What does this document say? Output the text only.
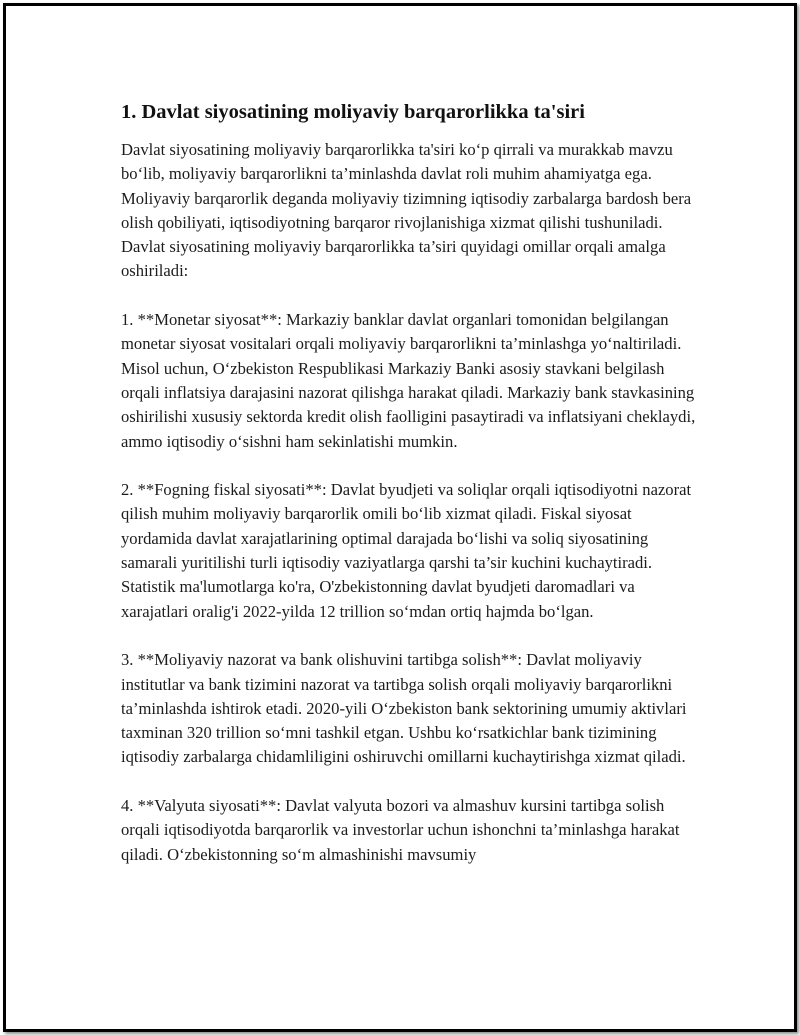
1. Davlat siyosatining moliyaviy barqarorlikka ta'siri

Davlat siyosatining moliyaviy barqarorlikka ta'siri ko‘p qirrali va murakkab mavzu bo‘lib, moliyaviy barqarorlikni ta’minlashda davlat roli muhim ahamiyatga ega. Moliyaviy barqarorlik deganda moliyaviy tizimning iqtisodiy zarbalarga bardosh bera olish qobiliyati, iqtisodiyotning barqaror rivojlanishiga xizmat qilishi tushuniladi. Davlat siyosatining moliyaviy barqarorlikka ta’siri quyidagi omillar orqali amalga oshiriladi:

1. **Monetar siyosat**: Markaziy banklar davlat organlari tomonidan belgilangan monetar siyosat vositalari orqali moliyaviy barqarorlikni ta’minlashga yo‘naltiriladi. Misol uchun, O‘zbekiston Respublikasi Markaziy Banki asosiy stavkani belgilash orqali inflatsiya darajasini nazorat qilishga harakat qiladi. Markaziy bank stavkasining oshirilishi xususiy sektorda kredit olish faolligini pasaytiradi va inflatsiyani cheklaydi, ammo iqtisodiy o‘sishni ham sekinlatishi mumkin.

2. **Fogning fiskal siyosati**: Davlat byudjeti va soliqlar orqali iqtisodiyotni nazorat qilish muhim moliyaviy barqarorlik omili bo‘lib xizmat qiladi. Fiskal siyosat yordamida davlat xarajatlarining optimal darajada bo‘lishi va soliq siyosatining samarali yuritilishi turli iqtisodiy vaziyatlarga qarshi ta’sir kuchini kuchaytiradi. Statistik ma'lumotlarga ko'ra, O'zbekistonning davlat byudjeti daromadlari va xarajatlari oralig'i 2022-yilda 12 trillion so‘mdan ortiq hajmda bo‘lgan.

3. **Moliyaviy nazorat va bank olishuvini tartibga solish**: Davlat moliyaviy institutlar va bank tizimini nazorat va tartibga solish orqali moliyaviy barqarorlikni ta’minlashda ishtirok etadi. 2020-yili O‘zbekiston bank sektorining umumiy aktivlari taxminan 320 trillion so‘mni tashkil etgan. Ushbu ko‘rsatkichlar bank tizimining iqtisodiy zarbalarga chidamliligini oshiruvchi omillarni kuchaytirishga xizmat qiladi.

4. **Valyuta siyosati**: Davlat valyuta bozori va almashuv kursini tartibga solish orqali iqtisodiyotda barqarorlik va investorlar uchun ishonchni ta’minlashga harakat qiladi. O‘zbekistonning so‘m almashinishi mavsumiy
